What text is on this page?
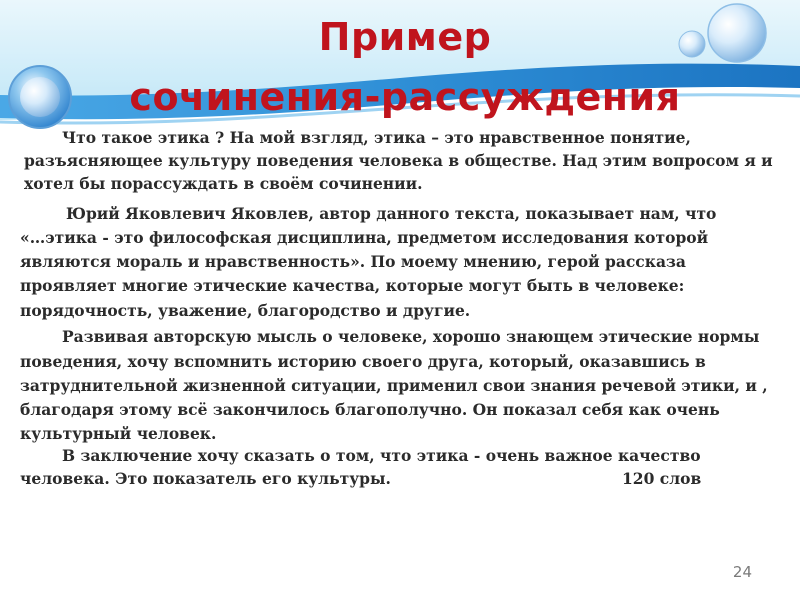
Пример
сочинения-рассуждения
Что такое этика ? На мой взгляд, этика – это нравственное понятие,
разъясняющее культуру поведения человека в обществе. Над этим вопросом я и
хотел бы порассуждать в своём сочинении.
Юрий Яковлевич Яковлев, автор данного текста, показывает нам, что
«…этика - это философская дисциплина, предметом исследования которой
являются мораль и нравственность». По моему мнению, герой рассказа
проявляет многие этические качества, которые могут быть в человеке:
порядочность, уважение, благородство и другие.
Развивая авторскую мысль о человеке, хорошо знающем этические нормы
поведения, хочу вспомнить историю своего друга, который, оказавшись в
затруднительной жизненной ситуации, применил свои знания речевой этики, и ,
благодаря этому всё закончилось благополучно. Он показал себя как очень
культурный человек.
В заключение хочу сказать о том, что этика - очень важное качество
человека. Это показатель его культуры.	120 слов
24
